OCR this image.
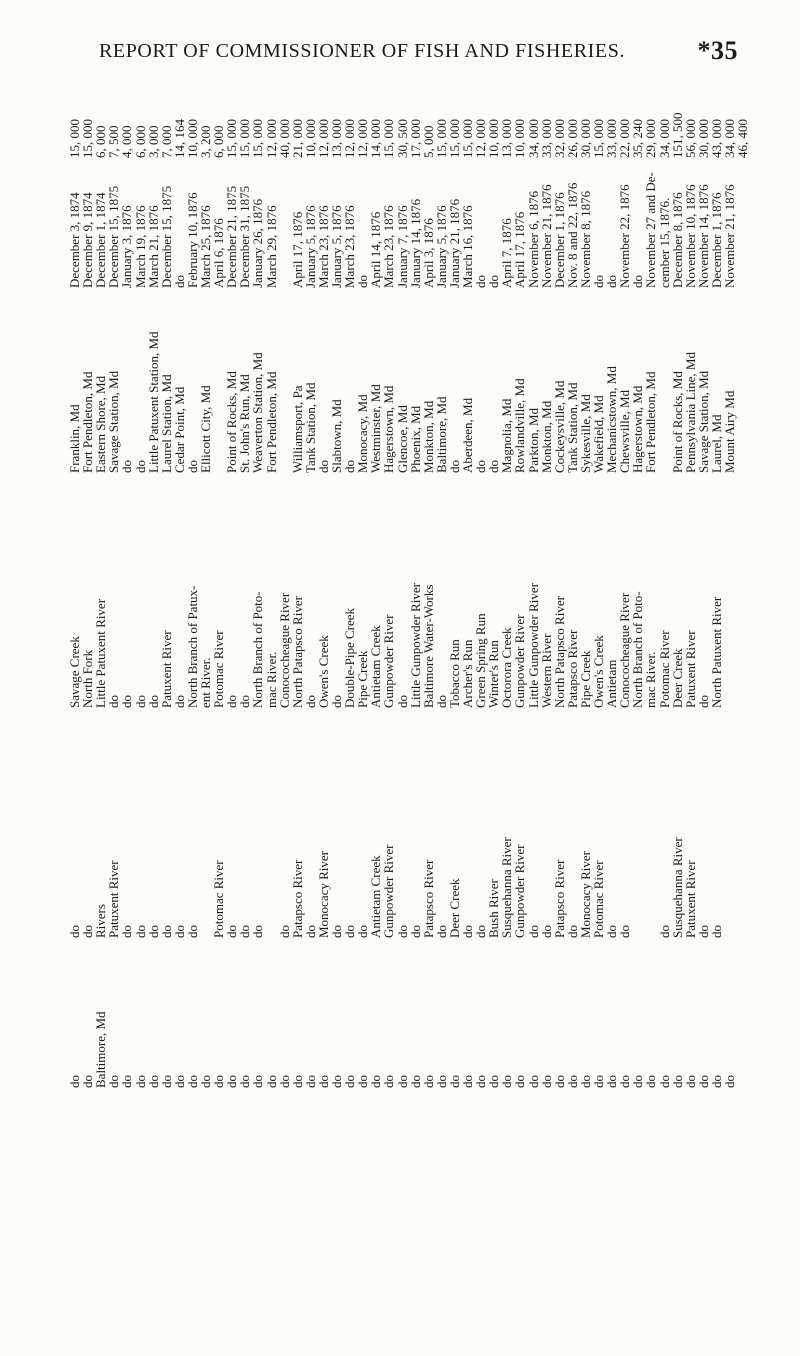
REPORT OF COMMISSIONER OF FISH AND FISHERIES.	*35
do
do
Savage Creek
Franklin, Md
December 3, 1874
15, 000
do
do
North Fork
Fort Pendleton, Md
December 9, 1874
15, 000
Baltimore, Md
Rivers
Little Patuxent River
Eastern Shore, Md
December 1, 1874
6, 000
do
Patuxent River
do
Savage Station, Md
December 15, 1875
7, 500
do
do
do
do
January 3, 1876
4, 000
do
do
do
do
March 19, 1876
6, 000
do
do
do
Little Patuxent Station, Md
March 21, 1876
3, 000
do
do
Patuxent River
Laurel Station, Md
December 15, 1875
7, 000
do
do
do
Cedar Point, Md
do
14, 164
do
do
North Branch of Patux-
do
February 10, 1876
10, 000
do
ent River.
Ellicott City, Md
March 25, 1876
3, 200
do
Potomac River
Potomac River
April 6, 1876
6, 000
do
do
do
Point of Rocks, Md
December 21, 1875
15, 000
do
do
do
St. John's Run, Md
December 31, 1875
15, 000
do
do
North Branch of Poto-
Weaverton Station, Md
January 26, 1876
15, 000
do
mac River.
Fort Pendleton, Md
March 29, 1876
12, 000
do
do
Conococheague River
40, 000
do
Patapsco River
North Patapsco River
Williamsport, Pa
April 17, 1876
21, 000
do
do
do
Tank Station, Md
January 5, 1876
10, 000
do
Monocacy River
Owen's Creek
do
March 23, 1876
12, 000
do
do
do
Slabtown, Md
January 5, 1876
13, 000
do
do
Double-Pipe Creek
do
March 23, 1876
12, 000
do
do
Pipe Creek
Monocacy, Md
do
12, 000
do
Antietam Creek
Antietam Creek
Westminster, Md
April 14, 1876
14, 000
do
Gunpowder River
Gunpowder River
Hagerstown, Md
March 23, 1876
15, 000
do
do
do
Glencoe, Md
January 7, 1876
30, 500
do
do
Little Gunpowder River
Phoenix, Md
January 14, 1876
17, 000
do
Patapsco River
Baltimore Water-Works
Monkton, Md
April 3, 1876
5, 000
do
do
do
Baltimore, Md
January 5, 1876
15, 000
do
Deer Creek
Tobacco Run
do
January 21, 1876
15, 000
do
do
Archer's Run
Aberdeen, Md
March 16, 1876
15, 000
do
do
Green Spring Run
do
do
12, 000
do
Bush River
Winter's Run
do
do
10, 000
do
Susquehanna River
Octorora Creek
Magnolia, Md
April 7, 1876
13, 000
do
Gunpowder River
Gunpowder River
Rowlandville, Md
April 17, 1876
10, 000
do
do
Little Gunpowder River
Parkton, Md
November 6, 1876
34, 000
do
do
Western River
Monkton, Md
November 21, 1876
33, 000
do
Patapsco River
North Patapsco River
Cockeysville, Md
December 1, 1876
32, 000
do
do
Patapsco River
Tank Station, Md
Nov. 8 and 22, 1876
26, 000
do
Monocacy River
Pipe Creek
Sykesville, Md
November 8, 1876
30, 000
do
Potomac River
Owen's Creek
Wakefield, Md
do
15, 000
do
do
Antietam
Mechanicstown, Md
do
33, 000
do
do
Conococheague River
Chewsville, Md
November 22, 1876
22, 000
do
North Branch of Poto-
Hagerstown, Md
do
35, 240
do
mac River.
Fort Pendleton, Md
November 27 and De-
29, 000
do
do
Potomac River
cember 15, 1876.
34, 000
do
Susquehanna River
Deer Creek
Point of Rocks, Md
December 8, 1876
151, 500
do
Patuxent River
Patuxent River
Pennsylvania Line, Md
November 10, 1876
56, 000
do
do
do
Savage Station, Md
November 14, 1876
30, 000
do
do
North Patuxent River
Laurel, Md
December 1, 1876
43, 000
do
Mount Airy Md
November 21, 1876
34, 000
46, 400
